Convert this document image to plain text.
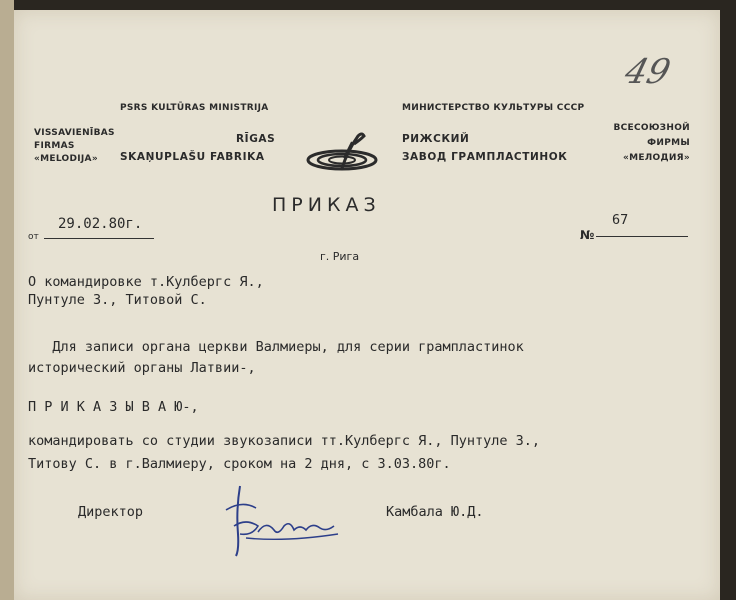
PSRS KULTŪRAS MINISTRIJA
VISSAVIENĪBAS
FIRMAS
«MELODIJA»
RĪGAS
SKAŅUPLAŠU FABRIKA
МИНИСТЕРСТВО КУЛЬТУРЫ СССР
РИЖСКИЙ
ЗАВОД ГРАМПЛАСТИНОК
ВСЕСОЮЗНОЙ
ФИРМЫ
«МЕЛОДИЯ»
49
ПРИКАЗ
от
29.02.80г.
№
67
г. Рига
О командировке т.Кулбергс Я.,
Пунтуле З., Титовой С.
Для записи органа церкви Валмиеры, для серии грампластинок
исторический органы Латвии-,
П Р И К А З Ы В А Ю-,
командировать со студии звукозаписи тт.Кулбергс Я., Пунтуле З.,
Титову С. в г.Валмиеру, сроком на 2 дня, с 3.03.80г.
Директор	Камбала Ю.Д.
